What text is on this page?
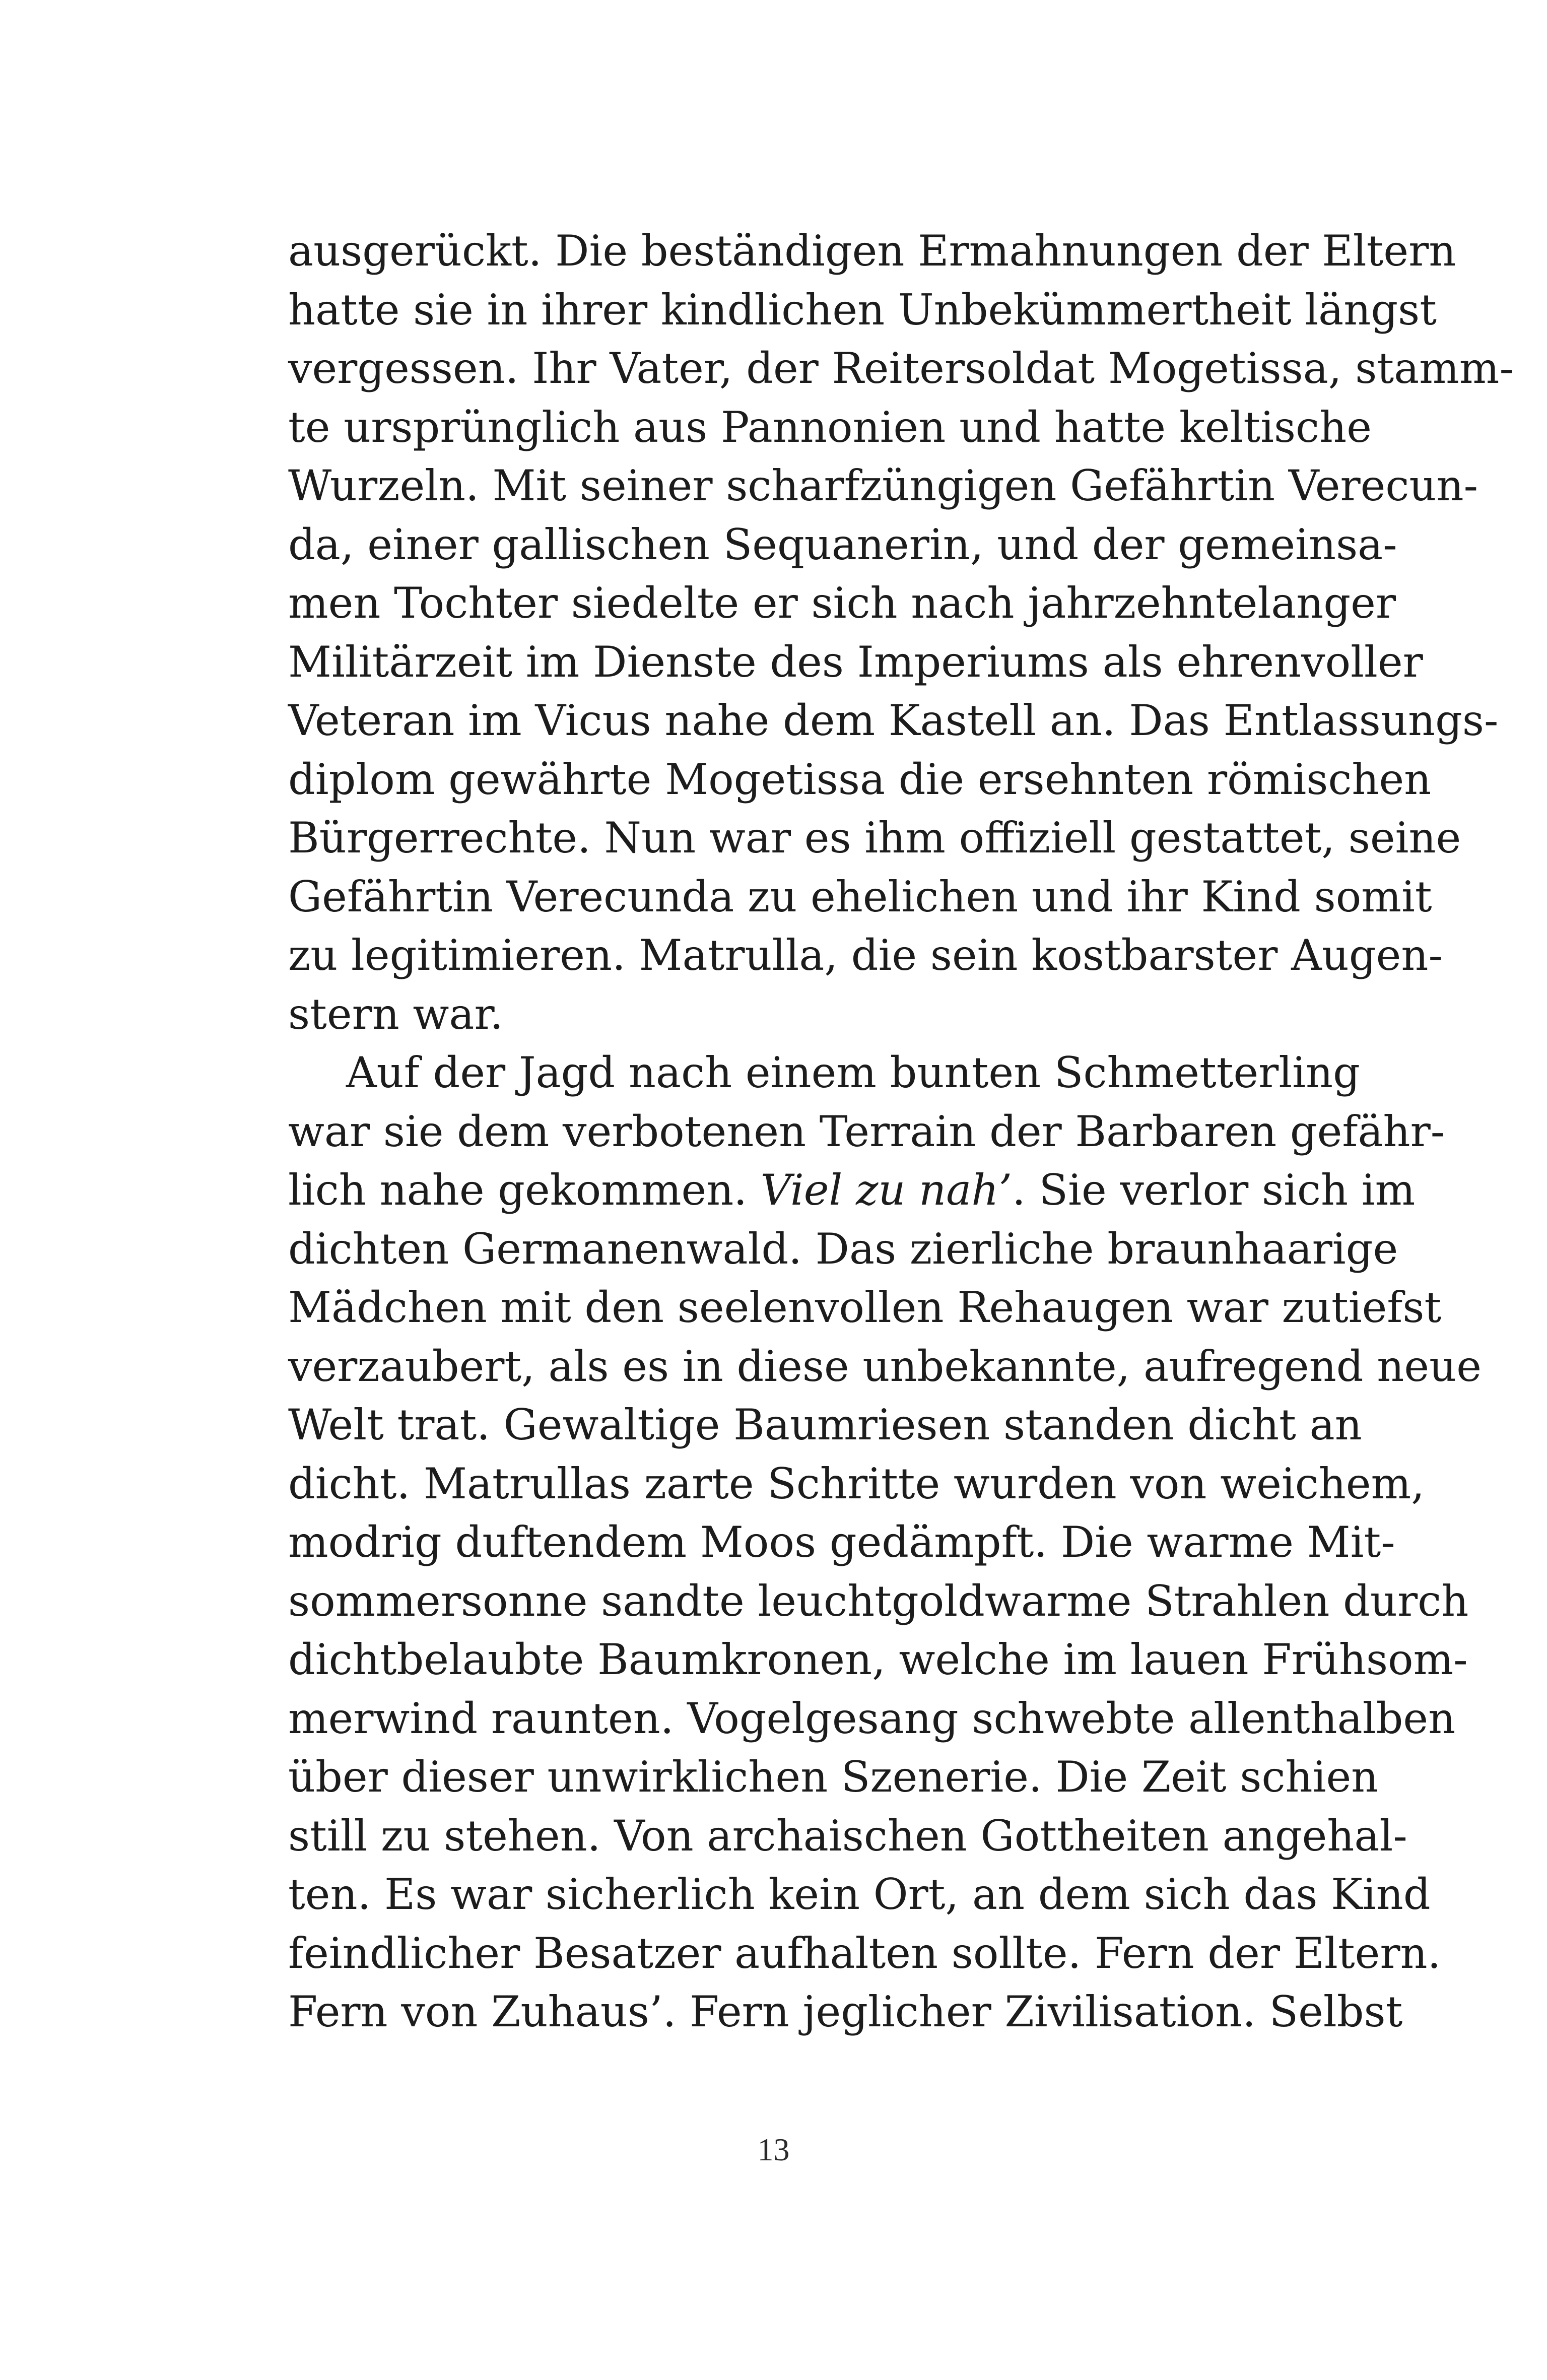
ausgerückt. Die beständigen Ermahnungen der Eltern
hatte sie in ihrer kindlichen Unbekümmertheit längst
vergessen. Ihr Vater, der Reitersoldat Mogetissa, stamm-
te ursprünglich aus Pannonien und hatte keltische
Wurzeln. Mit seiner scharfzüngigen Gefährtin Verecun-
da, einer gallischen Sequanerin, und der gemeinsa-
men Tochter siedelte er sich nach jahrzehntelanger
Militärzeit im Dienste des Imperiums als ehrenvoller
Veteran im Vicus nahe dem Kastell an. Das Entlassungs-
diplom gewährte Mogetissa die ersehnten römischen
Bürgerrechte. Nun war es ihm offiziell gestattet, seine
Gefährtin Verecunda zu ehelichen und ihr Kind somit
zu legitimieren. Matrulla, die sein kostbarster Augen-
stern war.
Auf der Jagd nach einem bunten Schmetterling
war sie dem verbotenen Terrain der Barbaren gefähr-
lich nahe gekommen. Viel zu nah’. Sie verlor sich im
dichten Germanenwald. Das zierliche braunhaarige
Mädchen mit den seelenvollen Rehaugen war zutiefst
verzaubert, als es in diese unbekannte, aufregend neue
Welt trat. Gewaltige Baumriesen standen dicht an
dicht. Matrullas zarte Schritte wurden von weichem,
modrig duftendem Moos gedämpft. Die warme Mit-
sommersonne sandte leuchtgoldwarme Strahlen durch
dichtbelaubte Baumkronen, welche im lauen Frühsom-
merwind raunten. Vogelgesang schwebte allenthalben
über dieser unwirklichen Szenerie. Die Zeit schien
still zu stehen. Von archaischen Gottheiten angehal-
ten. Es war sicherlich kein Ort, an dem sich das Kind
feindlicher Besatzer aufhalten sollte. Fern der Eltern.
Fern von Zuhaus’. Fern jeglicher Zivilisation. Selbst
13
